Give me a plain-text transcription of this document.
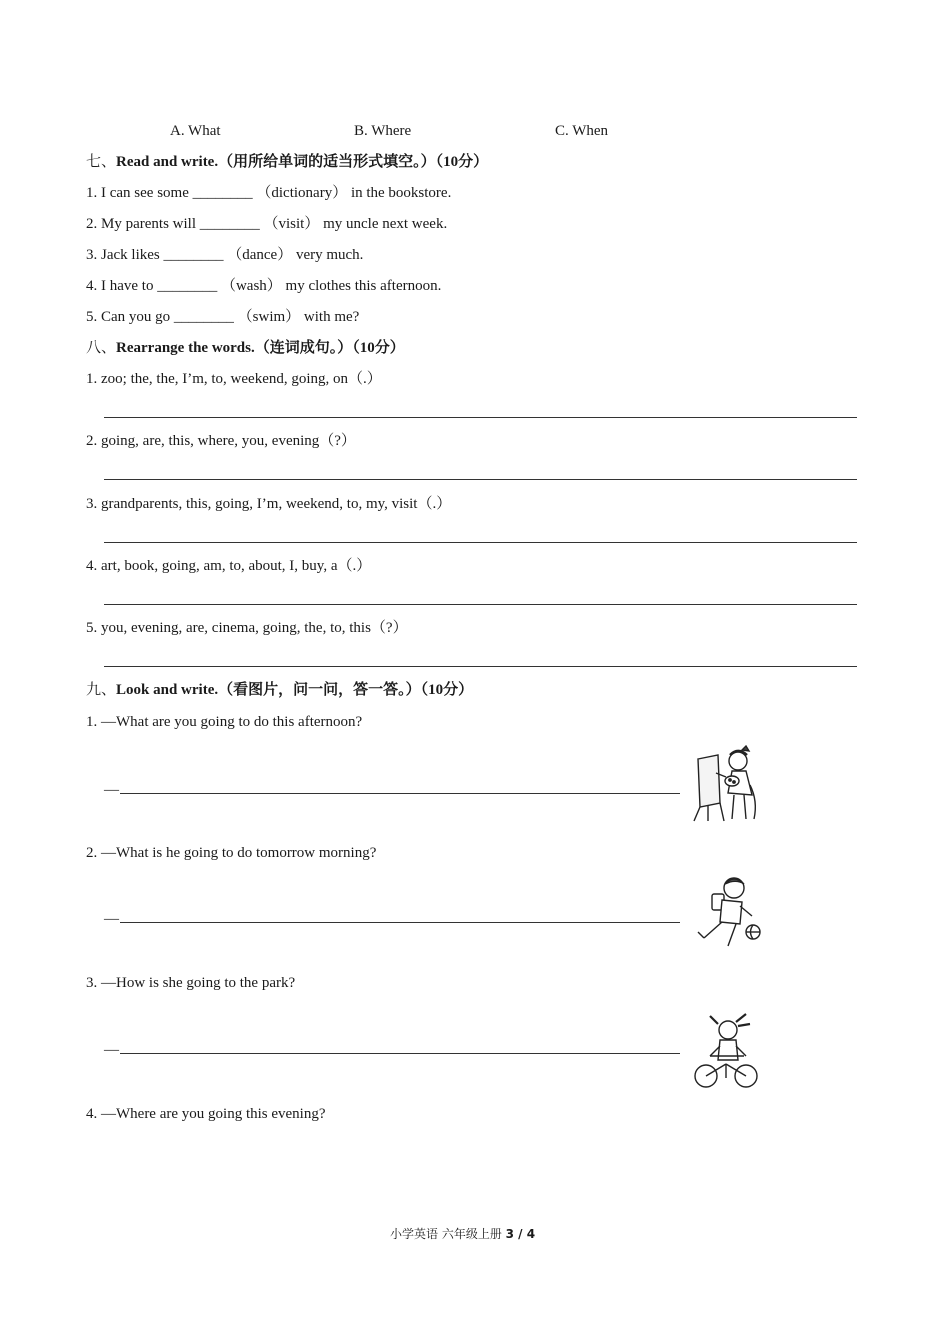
A. What	B. Where	C. When
七、Read and write.（用所给单词的适当形式填空。）（10分）
1. I can see some ________ （dictionary） in the bookstore.
2. My parents will ________ （visit） my uncle next week.
3. Jack likes ________ （dance） very much.
4. I have to ________ （wash） my clothes this afternoon.
5. Can you go ________ （swim） with me?
八、Rearrange the words.（连词成句。）（10分）
1. zoo; the, the, I’m, to, weekend, going, on（.）
2. going, are, this, where, you, evening（?）
3. grandparents, this, going, I’m, weekend, to, my, visit（.）
4. art, book, going, am, to, about, I, buy, a（.）
5. you, evening, are, cinema, going, the, to, this（?）
九、Look and write.（看图片，问一问，答一答。）（10分）
1. —What are you going to do this afternoon?
—
2. —What is he going to do tomorrow morning?
—
3. —How is she going to the park?
—
4. —Where are you going this evening?
小学英语 六年级上册 3 / 4
